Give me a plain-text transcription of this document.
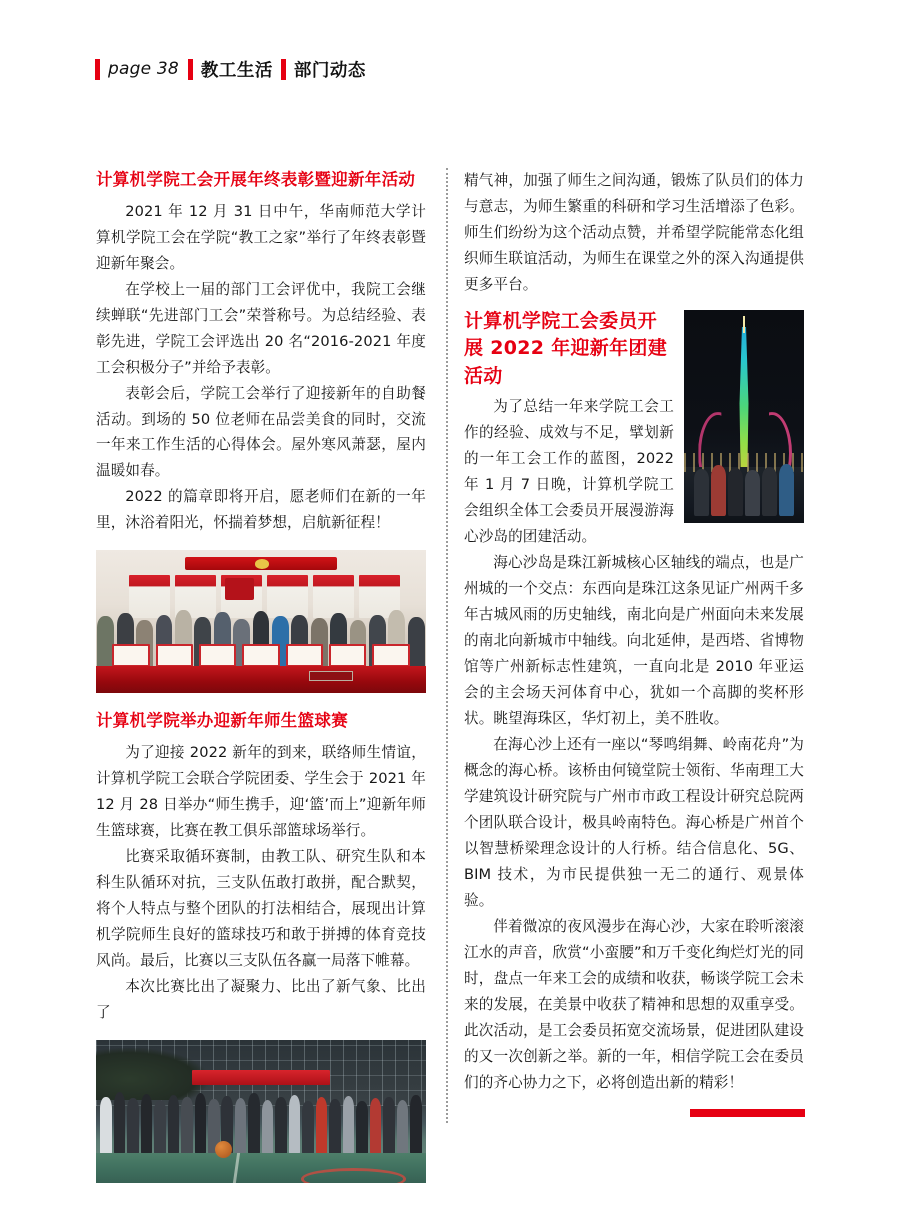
page 38	教工生活	部门动态
计算机学院工会开展年终表彰暨迎新年活动

2021 年 12 月 31 日中午，华南师范大学计算机学院工会在学院“教工之家”举行了年终表彰暨迎新年聚会。

在学校上一届的部门工会评优中，我院工会继续蝉联“先进部门工会”荣誉称号。为总结经验、表彰先进，学院工会评选出 20 名“2016-2021 年度工会积极分子”并给予表彰。

表彰会后，学院工会举行了迎接新年的自助餐活动。到场的 50 位老师在品尝美食的同时，交流一年来工作生活的心得体会。屋外寒风萧瑟，屋内温暖如春。

2022 的篇章即将开启，愿老师们在新的一年里，沐浴着阳光，怀揣着梦想，启航新征程！

计算机学院举办迎新年师生篮球赛

为了迎接 2022 新年的到来，联络师生情谊，计算机学院工会联合学院团委、学生会于 2021 年 12 月 28 日举办“师生携手，迎‘篮’而上”迎新年师生篮球赛，比赛在教工俱乐部篮球场举行。

比赛采取循环赛制，由教工队、研究生队和本科生队循环对抗，三支队伍敢打敢拼，配合默契，将个人特点与整个团队的打法相结合，展现出计算机学院师生良好的篮球技巧和敢于拼搏的体育竞技风尚。最后，比赛以三支队伍各赢一局落下帷幕。

本次比赛比出了凝聚力、比出了新气象、比出了

精气神，加强了师生之间沟通，锻炼了队员们的体力与意志，为师生繁重的科研和学习生活增添了色彩。师生们纷纷为这个活动点赞，并希望学院能常态化组织师生联谊活动，为师生在课堂之外的深入沟通提供更多平台。

计算机学院工会委员开展 2022 年迎新年团建活动

为了总结一年来学院工会工作的经验、成效与不足，擘划新的一年工会工作的蓝图，2022 年 1 月 7 日晚，计算机学院工会组织全体工会委员开展漫游海心沙岛的团建活动。

海心沙岛是珠江新城核心区轴线的端点，也是广州城的一个交点：东西向是珠江这条见证广州两千多年古城风雨的历史轴线，南北向是广州面向未来发展的南北向新城市中轴线。向北延伸，是西塔、省博物馆等广州新标志性建筑，一直向北是 2010 年亚运会的主会场天河体育中心，犹如一个高脚的奖杯形状。眺望海珠区，华灯初上，美不胜收。

在海心沙上还有一座以“琴鸣绢舞、岭南花舟”为概念的海心桥。该桥由何镜堂院士领衔、华南理工大学建筑设计研究院与广州市市政工程设计研究总院两个团队联合设计，极具岭南特色。海心桥是广州首个以智慧桥梁理念设计的人行桥。结合信息化、5G、BIM 技术，为市民提供独一无二的通行、观景体验。

伴着微凉的夜风漫步在海心沙，大家在聆听滚滚江水的声音，欣赏“小蛮腰”和万千变化绚烂灯光的同时，盘点一年来工会的成绩和收获，畅谈学院工会未来的发展，在美景中收获了精神和思想的双重享受。此次活动，是工会委员拓宽交流场景，促进团队建设的又一次创新之举。新的一年，相信学院工会在委员们的齐心协力之下，必将创造出新的精彩！
